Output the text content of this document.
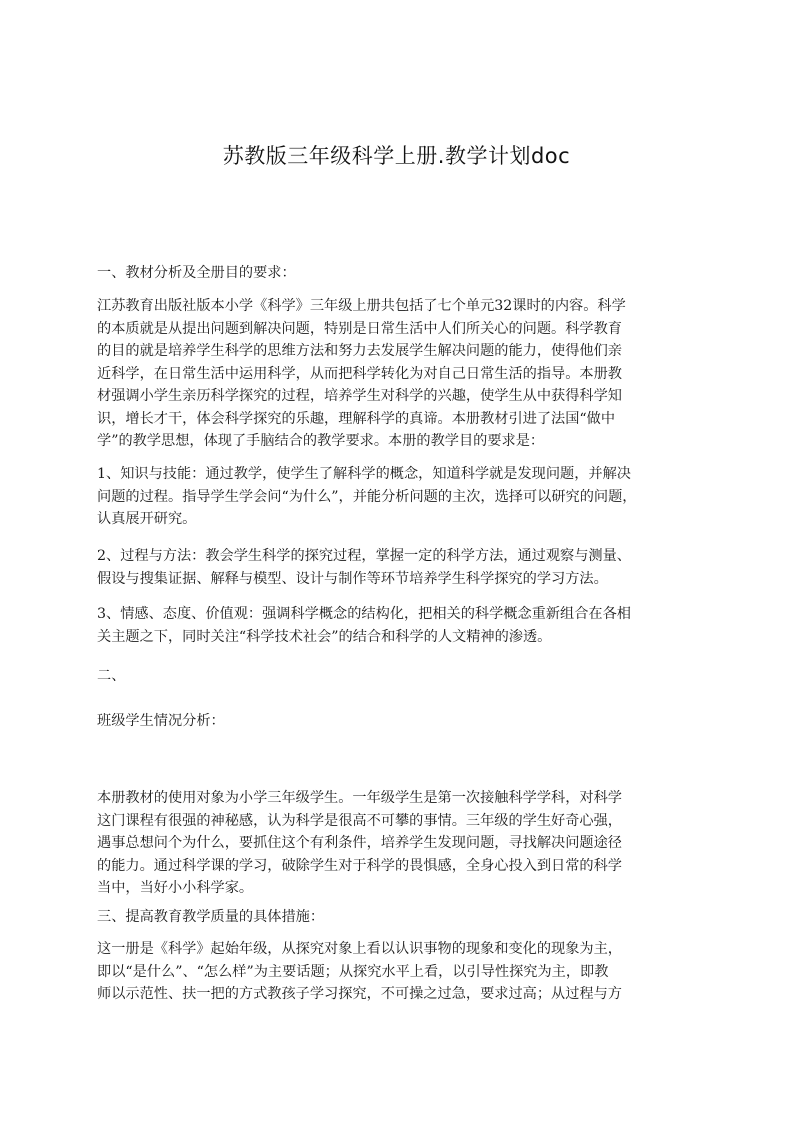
苏教版三年级科学上册.教学计划doc
一、教材分析及全册目的要求：
江苏教育出版社版本小学《科学》三年级上册共包括了七个单元32课时的内容。科学
的本质就是从提出问题到解决问题，特别是日常生活中人们所关心的问题。科学教育
的目的就是培养学生科学的思维方法和努力去发展学生解决问题的能力，使得他们亲
近科学，在日常生活中运用科学，从而把科学转化为对自己日常生活的指导。本册教
材强调小学生亲历科学探究的过程，培养学生对科学的兴趣，使学生从中获得科学知
识，增长才干，体会科学探究的乐趣，理解科学的真谛。本册教材引进了法国“做中
学”的教学思想，体现了手脑结合的教学要求。本册的教学目的要求是：
1、知识与技能：通过教学，使学生了解科学的概念，知道科学就是发现问题，并解决
问题的过程。指导学生学会问“为什么”，并能分析问题的主次，选择可以研究的问题，
认真展开研究。
2、过程与方法：教会学生科学的探究过程，掌握一定的科学方法，通过观察与测量、
假设与搜集证据、解释与模型、设计与制作等环节培养学生科学探究的学习方法。
3、情感、态度、价值观：强调科学概念的结构化，把相关的科学概念重新组合在各相
关主题之下，同时关注“科学技术社会”的结合和科学的人文精神的渗透。
二、
班级学生情况分析：
本册教材的使用对象为小学三年级学生。一年级学生是第一次接触科学学科，对科学
这门课程有很强的神秘感，认为科学是很高不可攀的事情。三年级的学生好奇心强，
遇事总想问个为什么，要抓住这个有利条件，培养学生发现问题，寻找解决问题途径
的能力。通过科学课的学习，破除学生对于科学的畏惧感，全身心投入到日常的科学
当中，当好小小科学家。
三、提高教育教学质量的具体措施：
这一册是《科学》起始年级，从探究对象上看以认识事物的现象和变化的现象为主，
即以“是什么”、“怎么样”为主要话题；从探究水平上看，以引导性探究为主，即教
师以示范性、扶一把的方式教孩子学习探究，不可操之过急，要求过高；从过程与方
